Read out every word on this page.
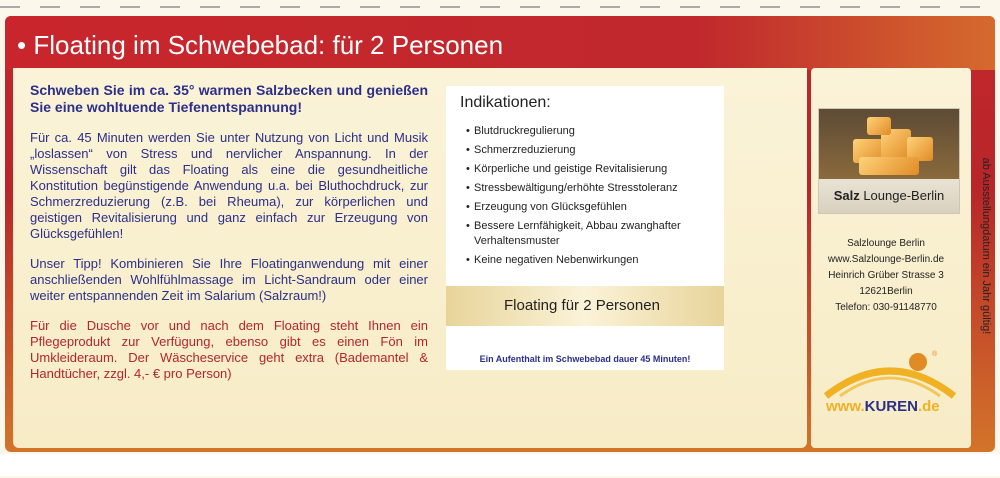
• Floating im Schwebebad: für 2 Personen

Schweben Sie im ca. 35° warmen Salzbecken und genießen Sie eine wohltuende Tiefenentspannung!

Für ca. 45 Minuten werden Sie unter Nutzung von Licht und Musik „loslassen“ von Stress und nervlicher Anspannung. In der Wissenschaft gilt das Floating als eine die gesundheitliche Konstitution begünstigende Anwendung u.a. bei Bluthochdruck, zur Schmerzreduzierung (z.B. bei Rheuma), zur körperlichen und geistigen Revitalisierung und ganz einfach zur Erzeugung von Glücksgefühlen!

Unser Tipp! Kombinieren Sie Ihre Floatinganwendung mit einer anschließenden Wohlfühlmassage im Licht-Sandraum oder einer weiter entspannenden Zeit im Salarium (Salzraum!)

Für die Dusche vor und nach dem Floating steht Ihnen ein Pflegeprodukt zur Verfügung, ebenso gibt es einen Fön im Umkleideraum. Der Wäscheservice geht extra (Bademantel & Handtücher, zzgl. 4,- € pro Person)

Indikationen:
• Blutdruckregulierung
• Schmerzreduzierung
• Körperliche und geistige Revitalisierung
• Stressbewältigung/erhöhte Stresstoleranz
• Erzeugung von Glücksgefühlen
• Bessere Lernfähigkeit, Abbau zwanghafter Verhaltensmuster
• Keine negativen Nebenwirkungen
Floating für 2 Personen
Ein Aufenthalt im Schwebebad dauer 45 Minuten!
Salz Lounge-Berlin
Salzlounge Berlin
www.Salzlounge-Berlin.de
Heinrich Grüber Strasse 3
12621Berlin
Telefon: 030-91148770
®
www.KUREN.de
ab Ausstellungdatum ein Jahr gültig!
